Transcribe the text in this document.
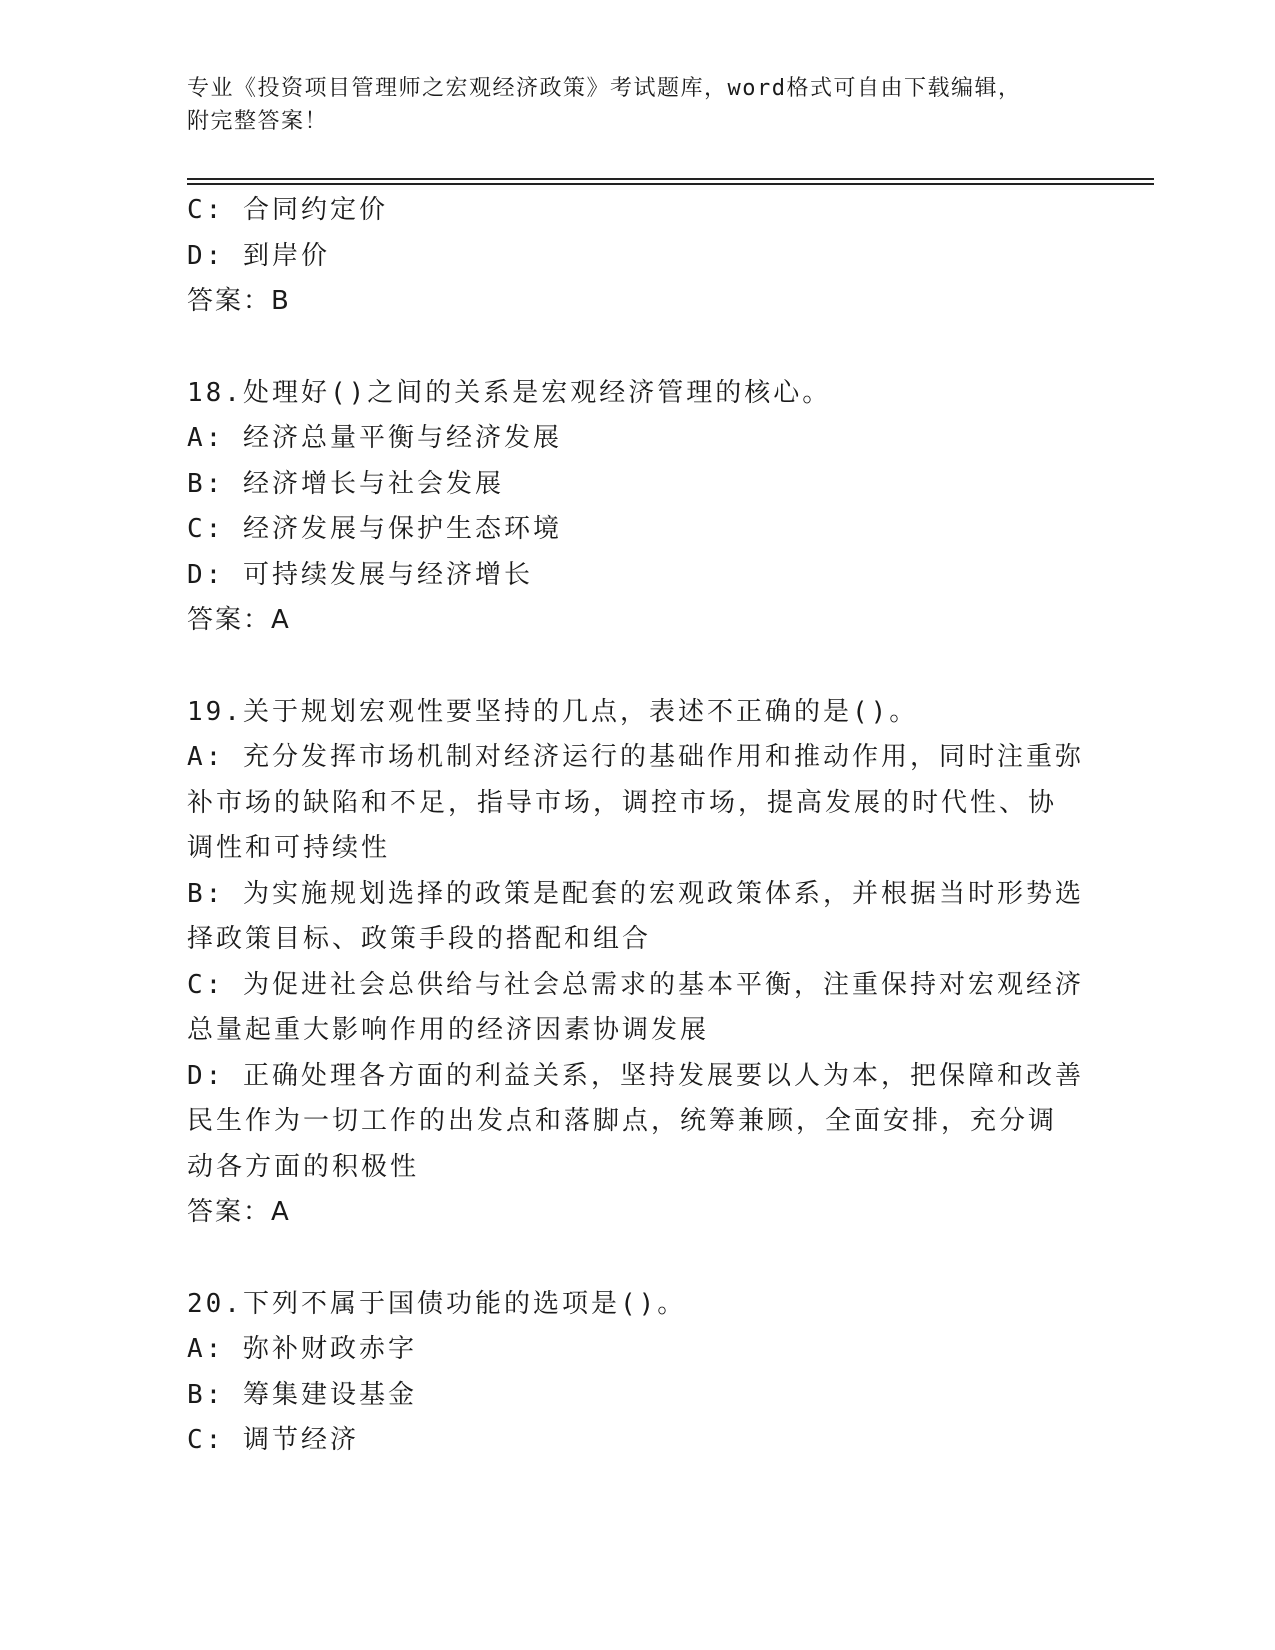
专业《投资项目管理师之宏观经济政策》考试题库，word格式可自由下载编辑，
附完整答案！
C: 合同约定价
D: 到岸价
答案：B
18.处理好()之间的关系是宏观经济管理的核心。
A: 经济总量平衡与经济发展
B: 经济增长与社会发展
C: 经济发展与保护生态环境
D: 可持续发展与经济增长
答案：A
19.关于规划宏观性要坚持的几点，表述不正确的是()。
A: 充分发挥市场机制对经济运行的基础作用和推动作用，同时注重弥
补市场的缺陷和不足，指导市场，调控市场，提高发展的时代性、协
调性和可持续性
B: 为实施规划选择的政策是配套的宏观政策体系，并根据当时形势选
择政策目标、政策手段的搭配和组合
C: 为促进社会总供给与社会总需求的基本平衡，注重保持对宏观经济
总量起重大影响作用的经济因素协调发展
D: 正确处理各方面的利益关系，坚持发展要以人为本，把保障和改善
民生作为一切工作的出发点和落脚点，统筹兼顾，全面安排，充分调
动各方面的积极性
答案：A
20.下列不属于国债功能的选项是()。
A: 弥补财政赤字
B: 筹集建设基金
C: 调节经济
